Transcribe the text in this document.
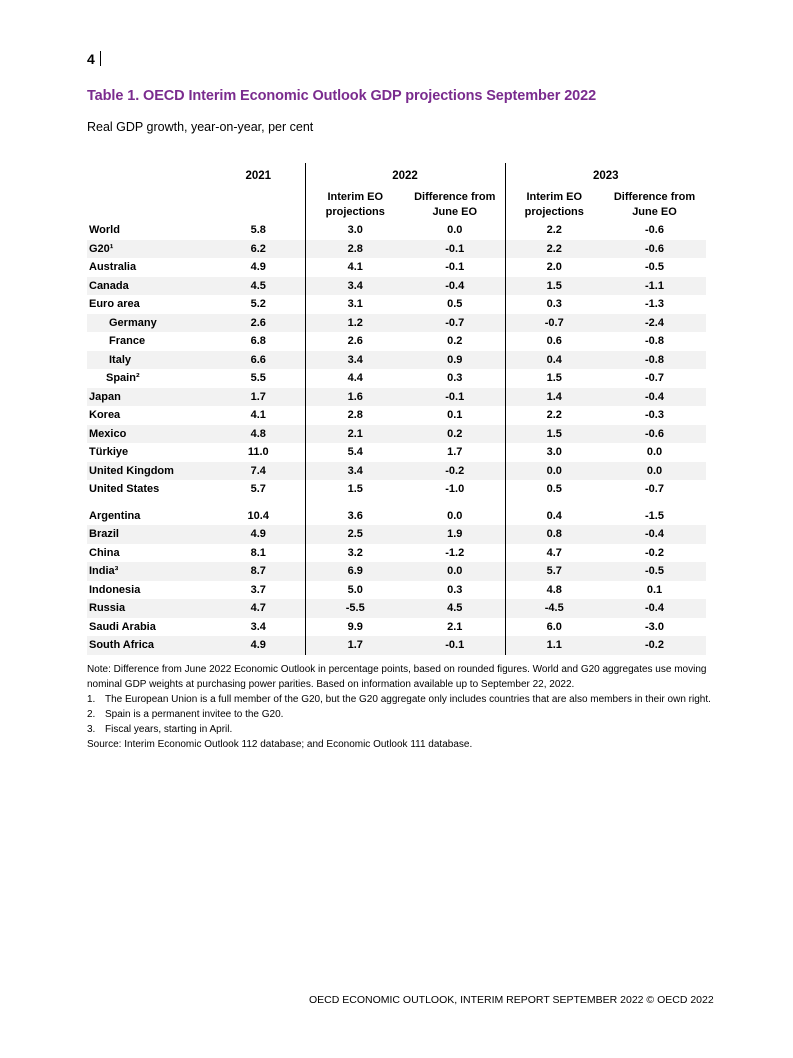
4
Table 1. OECD Interim Economic Outlook GDP projections September 2022
Real GDP growth, year-on-year, per cent
	2021	2022		2023	
		Interim EO
projections	Difference from
June EO	Interim EO
projections	Difference from
June EO
World	5.8	3.0	0.0	2.2	-0.6
G20¹	6.2	2.8	-0.1	2.2	-0.6
Australia	4.9	4.1	-0.1	2.0	-0.5
Canada	4.5	3.4	-0.4	1.5	-1.1
Euro area	5.2	3.1	0.5	0.3	-1.3
Germany	2.6	1.2	-0.7	-0.7	-2.4
France	6.8	2.6	0.2	0.6	-0.8
Italy	6.6	3.4	0.9	0.4	-0.8
Spain²	5.5	4.4	0.3	1.5	-0.7
Japan	1.7	1.6	-0.1	1.4	-0.4
Korea	4.1	2.8	0.1	2.2	-0.3
Mexico	4.8	2.1	0.2	1.5	-0.6
Türkiye	11.0	5.4	1.7	3.0	0.0
United Kingdom	7.4	3.4	-0.2	0.0	0.0
United States	5.7	1.5	-1.0	0.5	-0.7

Argentina	10.4	3.6	0.0	0.4	-1.5
Brazil	4.9	2.5	1.9	0.8	-0.4
China	8.1	3.2	-1.2	4.7	-0.2
India³	8.7	6.9	0.0	5.7	-0.5
Indonesia	3.7	5.0	0.3	4.8	0.1
Russia	4.7	-5.5	4.5	-4.5	-0.4
Saudi Arabia	3.4	9.9	2.1	6.0	-3.0
South Africa	4.9	1.7	-0.1	1.1	-0.2

Note: Difference from June 2022 Economic Outlook in percentage points, based on rounded figures. World and G20 aggregates use moving nominal GDP weights at purchasing power parities. Based on information available up to September 22, 2022.

1. The European Union is a full member of the G20, but the G20 aggregate only includes countries that are also members in their own right.
2. Spain is a permanent invitee to the G20.
3. Fiscal years, starting in April.

Source: Interim Economic Outlook 112 database; and Economic Outlook 111 database.

OECD ECONOMIC OUTLOOK, INTERIM REPORT SEPTEMBER 2022 © OECD 2022
